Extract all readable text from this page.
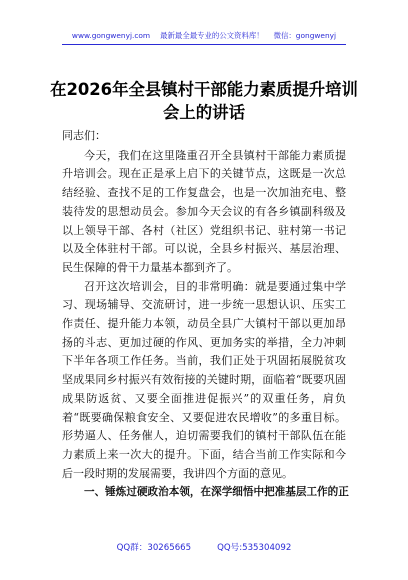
www.gongwenyj.com 最新最全最专业的公文资料库！ 微信：gongwenyj
在2026年全县镇村干部能力素质提升培训会上的讲话

同志们：

今天，我们在这里隆重召开全县镇村干部能力素质提升培训会。现在正是承上启下的关键节点，这既是一次总结经验、查找不足的工作复盘会，也是一次加油充电、整装待发的思想动员会。参加今天会议的有各乡镇副科级及以上领导干部、各村（社区）党组织书记、驻村第一书记以及全体驻村干部。可以说，全县乡村振兴、基层治理、民生保障的骨干力量基本都到齐了。

召开这次培训会，目的非常明确：就是要通过集中学习、现场辅导、交流研讨，进一步统一思想认识、压实工作责任、提升能力本领，动员全县广大镇村干部以更加昂扬的斗志、更加过硬的作风、更加务实的举措，全力冲刺下半年各项工作任务。当前，我们正处于巩固拓展脱贫攻坚成果同乡村振兴有效衔接的关键时期，面临着“既要巩固成果防返贫、又要全面推进促振兴”的双重任务，肩负着“既要确保粮食安全、又要促进农民增收”的多重目标。形势逼人、任务催人，迫切需要我们的镇村干部队伍在能力素质上来一次大的提升。下面，结合当前工作实际和今后一段时期的发展需要，我讲四个方面的意见。

一、锤炼过硬政治本领，在深学细悟中把准基层工作的正

QQ群：30265665	QQ号:535304092
